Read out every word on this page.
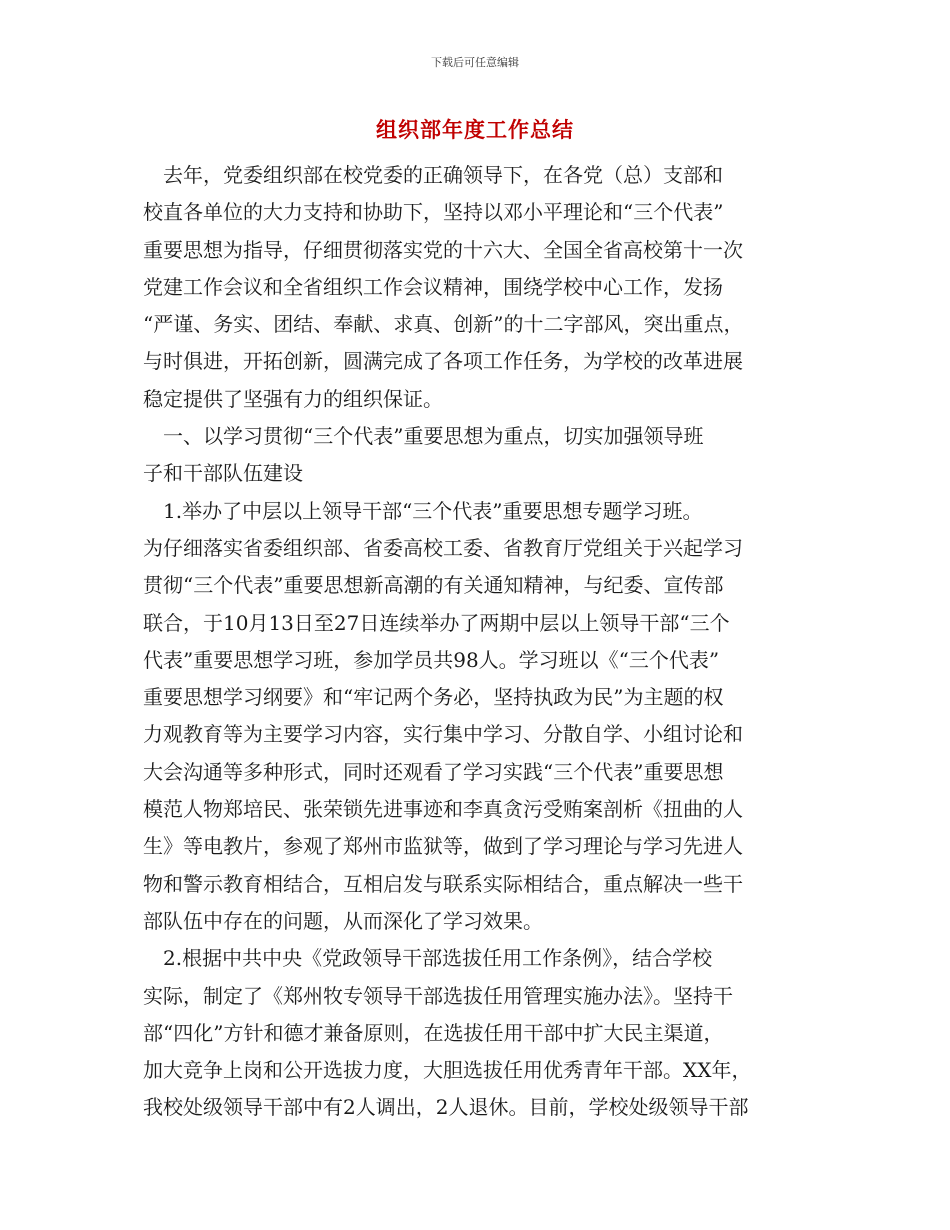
下载后可任意编辑
组织部年度工作总结
　去年，党委组织部在校党委的正确领导下，在各党（总）支部和
校直各单位的大力支持和协助下，坚持以邓小平理论和“三个代表”
重要思想为指导，仔细贯彻落实党的十六大、全国全省高校第十一次
党建工作会议和全省组织工作会议精神，围绕学校中心工作，发扬
“严谨、务实、团结、奉献、求真、创新”的十二字部风，突出重点，
与时俱进，开拓创新，圆满完成了各项工作任务，为学校的改革进展
稳定提供了坚强有力的组织保证。
　一、以学习贯彻“三个代表”重要思想为重点，切实加强领导班
子和干部队伍建设
　1.举办了中层以上领导干部“三个代表”重要思想专题学习班。
为仔细落实省委组织部、省委高校工委、省教育厅党组关于兴起学习
贯彻“三个代表”重要思想新高潮的有关通知精神，与纪委、宣传部
联合，于10月13日至27日连续举办了两期中层以上领导干部“三个
代表”重要思想学习班，参加学员共98人。学习班以《“三个代表”
重要思想学习纲要》和“牢记两个务必，坚持执政为民”为主题的权
力观教育等为主要学习内容，实行集中学习、分散自学、小组讨论和
大会沟通等多种形式，同时还观看了学习实践“三个代表”重要思想
模范人物郑培民、张荣锁先进事迹和李真贪污受贿案剖析《扭曲的人
生》等电教片，参观了郑州市监狱等，做到了学习理论与学习先进人
物和警示教育相结合，互相启发与联系实际相结合，重点解决一些干
部队伍中存在的问题，从而深化了学习效果。
　2.根据中共中央《党政领导干部选拔任用工作条例》，结合学校
实际，制定了《郑州牧专领导干部选拔任用管理实施办法》。坚持干
部“四化”方针和德才兼备原则，在选拔任用干部中扩大民主渠道，
加大竞争上岗和公开选拔力度，大胆选拔任用优秀青年干部。XX年，
我校处级领导干部中有2人调出，2人退休。目前，学校处级领导干部
